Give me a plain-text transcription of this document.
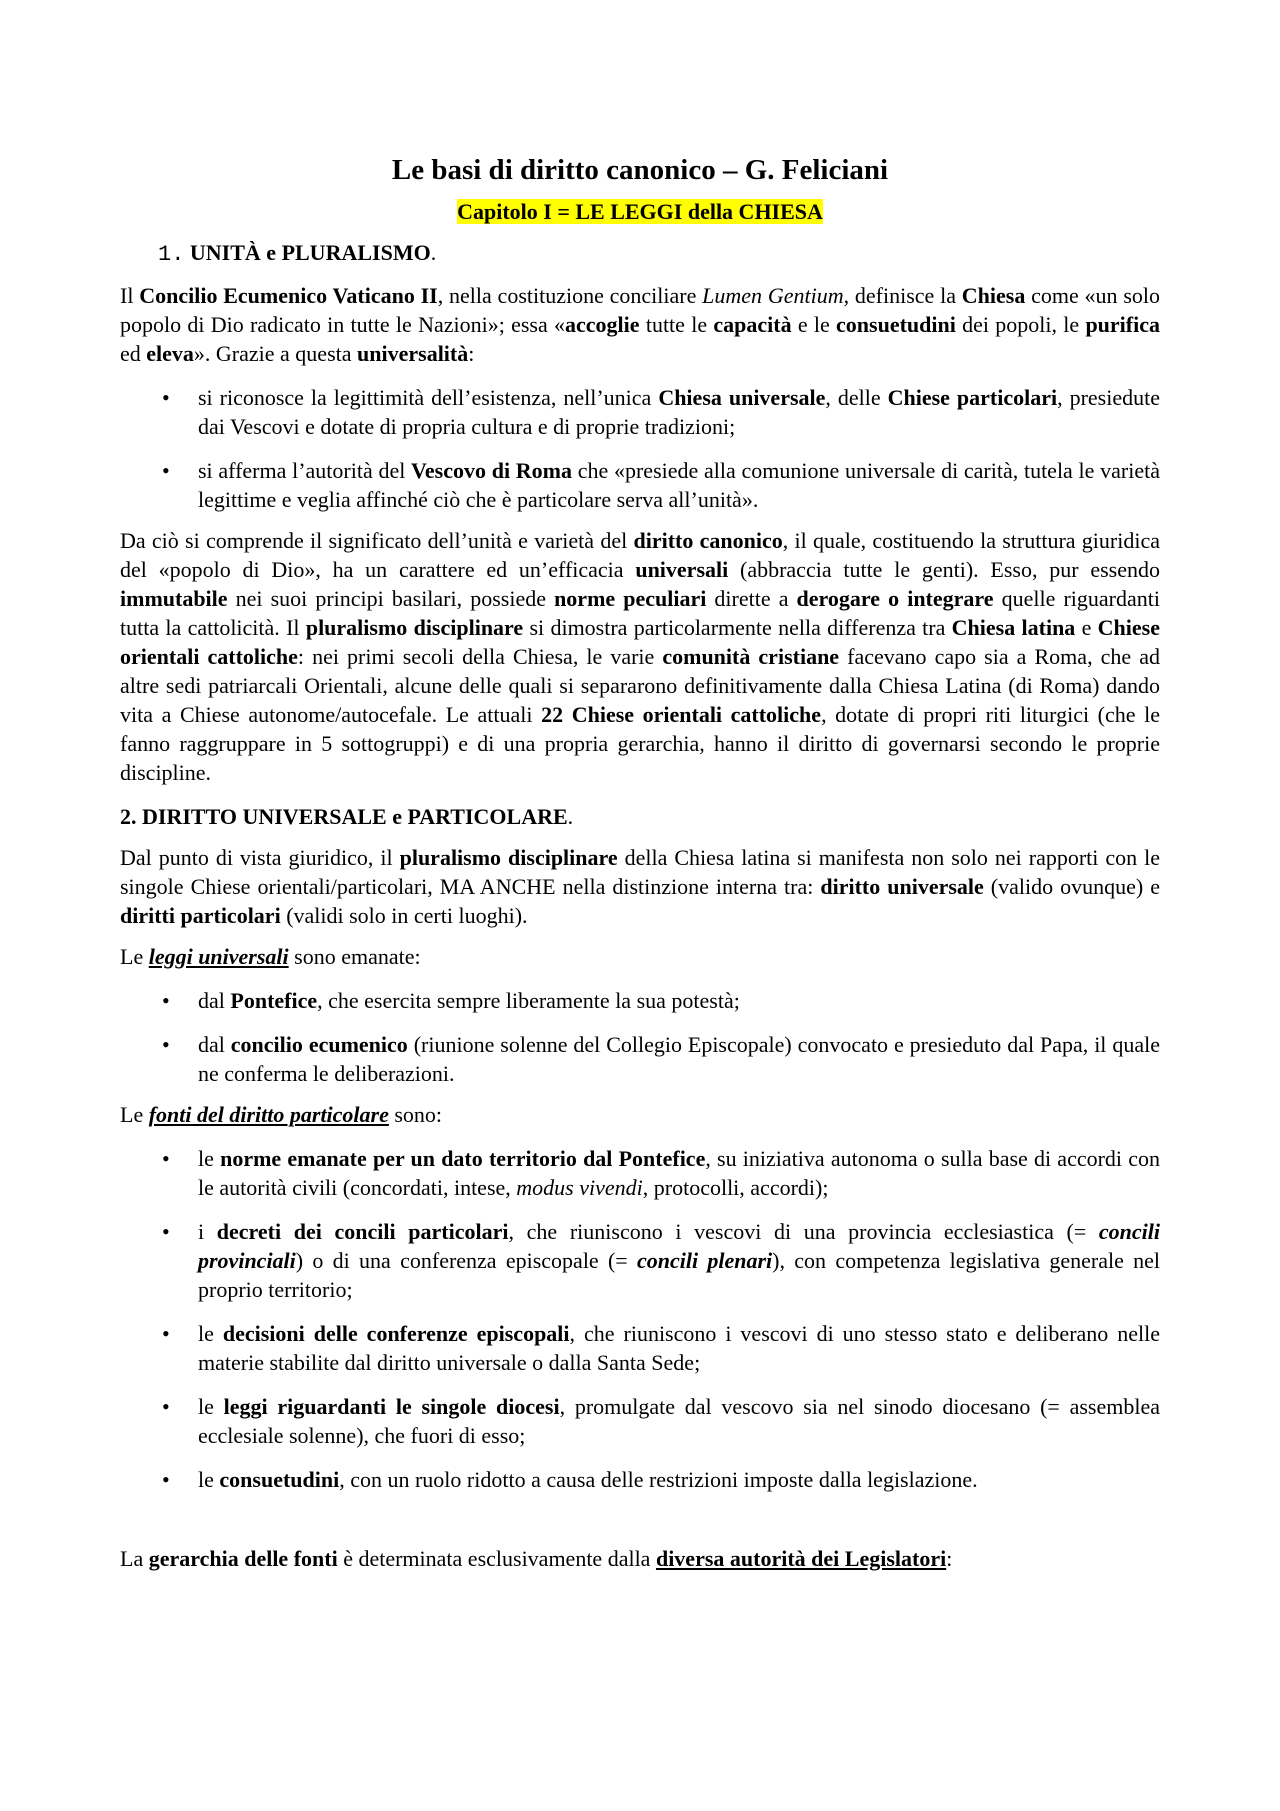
Le basi di diritto canonico – G. Feliciani
Capitolo I = LE LEGGI della CHIESA
1. UNITÀ e PLURALISMO.

Il Concilio Ecumenico Vaticano II, nella costituzione conciliare Lumen Gentium, definisce la Chiesa come «un solo popolo di Dio radicato in tutte le Nazioni»; essa «accoglie tutte le capacità e le consuetudini dei popoli, le purifica ed eleva». Grazie a questa universalità:

• si riconosce la legittimità dell’esistenza, nell’unica Chiesa universale, delle Chiese particolari, presiedute dai Vescovi e dotate di propria cultura e di proprie tradizioni;
• si afferma l’autorità del Vescovo di Roma che «presiede alla comunione universale di carità, tutela le varietà legittime e veglia affinché ciò che è particolare serva all’unità».

Da ciò si comprende il significato dell’unità e varietà del diritto canonico, il quale, costituendo la struttura giuridica del «popolo di Dio», ha un carattere ed un’efficacia universali (abbraccia tutte le genti). Esso, pur essendo immutabile nei suoi principi basilari, possiede norme peculiari dirette a derogare o integrare quelle riguardanti tutta la cattolicità. Il pluralismo disciplinare si dimostra particolarmente nella differenza tra Chiesa latina e Chiese orientali cattoliche: nei primi secoli della Chiesa, le varie comunità cristiane facevano capo sia a Roma, che ad altre sedi patriarcali Orientali, alcune delle quali si separarono definitivamente dalla Chiesa Latina (di Roma) dando vita a Chiese autonome/autocefale. Le attuali 22 Chiese orientali cattoliche, dotate di propri riti liturgici (che le fanno raggruppare in 5 sottogruppi) e di una propria gerarchia, hanno il diritto di governarsi secondo le proprie discipline.

2. DIRITTO UNIVERSALE e PARTICOLARE.

Dal punto di vista giuridico, il pluralismo disciplinare della Chiesa latina si manifesta non solo nei rapporti con le singole Chiese orientali/particolari, MA ANCHE nella distinzione interna tra: diritto universale (valido ovunque) e diritti particolari (validi solo in certi luoghi).

Le leggi universali sono emanate:

• dal Pontefice, che esercita sempre liberamente la sua potestà;
• dal concilio ecumenico (riunione solenne del Collegio Episcopale) convocato e presieduto dal Papa, il quale ne conferma le deliberazioni.

Le fonti del diritto particolare sono:

• le norme emanate per un dato territorio dal Pontefice, su iniziativa autonoma o sulla base di accordi con le autorità civili (concordati, intese, modus vivendi, protocolli, accordi);
• i decreti dei concili particolari, che riuniscono i vescovi di una provincia ecclesiastica (= concili provinciali) o di una conferenza episcopale (= concili plenari), con competenza legislativa generale nel proprio territorio;
• le decisioni delle conferenze episcopali, che riuniscono i vescovi di uno stesso stato e deliberano nelle materie stabilite dal diritto universale o dalla Santa Sede;
• le leggi riguardanti le singole diocesi, promulgate dal vescovo sia nel sinodo diocesano (= assemblea ecclesiale solenne), che fuori di esso;
• le consuetudini, con un ruolo ridotto a causa delle restrizioni imposte dalla legislazione.

La gerarchia delle fonti è determinata esclusivamente dalla diversa autorità dei Legislatori:
